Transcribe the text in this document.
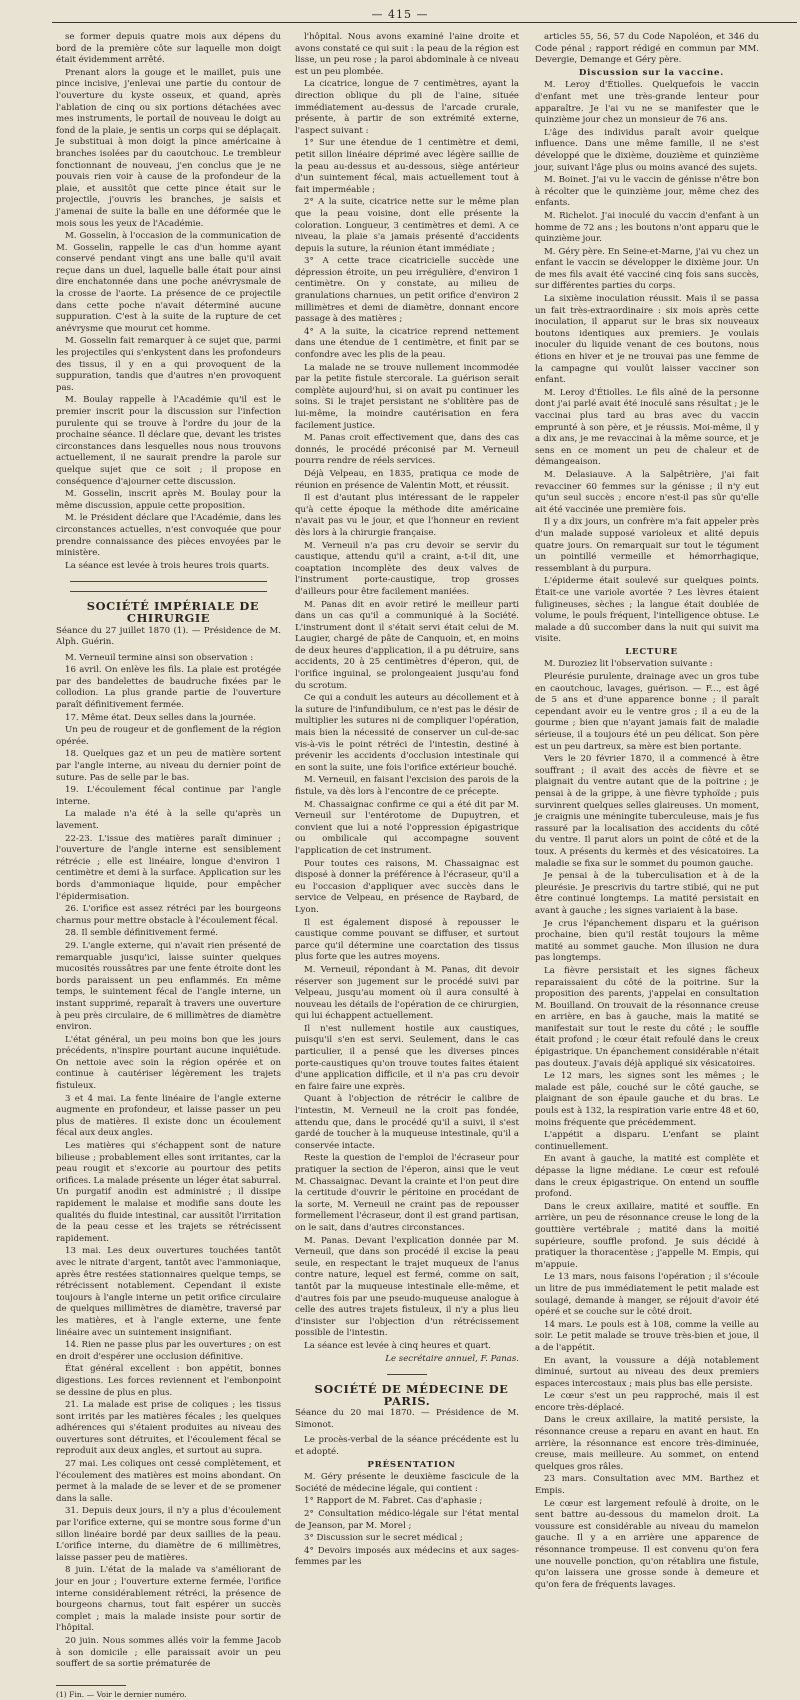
— 415 —

se former depuis quatre mois aux dépens du bord de la première côte sur laquelle mon doigt était évidemment arrêté.

Prenant alors la gouge et le maillet, puis une pince incisive, j'enlevai une partie du contour de l'ouverture du kyste osseux, et quand, après l'ablation de cinq ou six portions détachées avec mes instruments, le portail de nouveau le doigt au fond de la plaie, je sentis un corps qui se déplaçait. Je substituai à mon doigt la pince américaine à branches isolées par du caoutchouc. Le trembleur fonctionnant de nouveau, j'en conclus que je ne pouvais rien voir à cause de la profondeur de la plaie, et aussitôt que cette pince était sur le projectile, j'ouvris les branches, je saisis et j'amenai de suite la balle en une déformée que le mois sous les yeux de l'Académie.

M. Gosselin, à l'occasion de la communication de M. Gosselin, rappelle le cas d'un homme ayant conservé pendant vingt ans une balle qu'il avait reçue dans un duel, laquelle balle était pour ainsi dire enchatonnée dans une poche anévrysmale de la crosse de l'aorte. La présence de ce projectile dans cette poche n'avait déterminé aucune suppuration. C'est à la suite de la rupture de cet anévrysme que mourut cet homme.

M. Gosselin fait remarquer à ce sujet que, parmi les projectiles qui s'enkystent dans les profondeurs des tissus, il y en a qui provoquent de la suppuration, tandis que d'autres n'en provoquent pas.

M. Boulay rappelle à l'Académie qu'il est le premier inscrit pour la discussion sur l'infection purulente qui se trouve à l'ordre du jour de la prochaine séance. Il déclare que, devant les tristes circonstances dans lesquelles nous nous trouvons actuellement, il ne saurait prendre la parole sur quelque sujet que ce soit ; il propose en conséquence d'ajourner cette discussion.

M. Gosselin, inscrit après M. Boulay pour la même discussion, appuie cette proposition.

M. le Président déclare que l'Académie, dans les circonstances actuelles, n'est convoquée que pour prendre connaissance des pièces envoyées par le ministère.

La séance est levée à trois heures trois quarts.

SOCIÉTÉ IMPÉRIALE DE CHIRURGIE

Séance du 27 juillet 1870 (1). — Présidence de M. Alph. Guérin.

M. Verneuil termine ainsi son observation :

16 avril. On enlève les fils. La plaie est protégée par des bandelettes de baudruche fixées par le collodion. La plus grande partie de l'ouverture paraît définitivement fermée.

17. Même état. Deux selles dans la journée.

Un peu de rougeur et de gonflement de la région opérée.

18. Quelques gaz et un peu de matière sortent par l'angle interne, au niveau du dernier point de suture. Pas de selle par le bas.

19. L'écoulement fécal continue par l'angle interne.

La malade n'a été à la selle qu'après un lavement.

22-23. L'issue des matières paraît diminuer ; l'ouverture de l'angle interne est sensiblement rétrécie ; elle est linéaire, longue d'environ 1 centimètre et demi à la surface. Application sur les bords d'ammoniaque liquide, pour empêcher l'épidermisation.

26. L'orifice est assez rétréci par les bourgeons charnus pour mettre obstacle à l'écoulement fécal.

28. Il semble définitivement fermé.

29. L'angle externe, qui n'avait rien présenté de remarquable jusqu'ici, laisse suinter quelques mucosités roussâtres par une fente étroite dont les bords paraissent un peu enflammés. En même temps, le suintement fécal de l'angle interne, un instant supprimé, reparaît à travers une ouverture à peu près circulaire, de 6 millimètres de diamètre environ.

L'état général, un peu moins bon que les jours précédents, n'inspire pourtant aucune inquiétude. On nettoie avec soin la région opérée et on continue à cautériser légèrement les trajets fistuleux.

3 et 4 mai. La fente linéaire de l'angle externe augmente en profondeur, et laisse passer un peu plus de matières. Il existe donc un écoulement fécal aux deux angles.

Les matières qui s'échappent sont de nature bilieuse ; probablement elles sont irritantes, car la peau rougit et s'excorie au pourtour des petits orifices. La malade présente un léger état saburral. Un purgatif anodin est administré ; il dissipe rapidement le malaise et modifie sans doute les qualités du fluide intestinal, car aussitôt l'irritation de la peau cesse et les trajets se rétrécissent rapidement.

13 mai. Les deux ouvertures touchées tantôt avec le nitrate d'argent, tantôt avec l'ammoniaque, après être restées stationnaires quelque temps, se rétrécissent notablement. Cependant il existe toujours à l'angle interne un petit orifice circulaire de quelques millimètres de diamètre, traversé par les matières, et à l'angle externe, une fente linéaire avec un suintement insignifiant.

14. Rien ne passe plus par les ouvertures ; on est en droit d'espérer une occlusion définitive.

État général excellent : bon appétit, bonnes digestions. Les forces reviennent et l'embonpoint se dessine de plus en plus.

21. La malade est prise de coliques ; les tissus sont irrités par les matières fécales ; les quelques adhérences qui s'étaient produites au niveau des ouvertures sont détruites, et l'écoulement fécal se reproduit aux deux angles, et surtout au supra.

27 mai. Les coliques ont cessé complètement, et l'écoulement des matières est moins abondant. On permet à la malade de se lever et de se promener dans la salle.

31. Depuis deux jours, il n'y a plus d'écoulement par l'orifice externe, qui se montre sous forme d'un sillon linéaire bordé par deux saillies de la peau. L'orifice interne, du diamètre de 6 millimètres, laisse passer peu de matières.

8 juin. L'état de la malade va s'améliorant de jour en jour ; l'ouverture externe fermée, l'orifice interne considérablement rétréci, la présence de bourgeons charnus, tout fait espérer un succès complet ; mais la malade insiste pour sortir de l'hôpital.

20 juin. Nous sommes allés voir la femme Jacob à son domicile ; elle paraissait avoir un peu souffert de sa sortie prématurée de

(1) Fin. — Voir le dernier numéro.

l'hôpital. Nous avons examiné l'aine droite et avons constaté ce qui suit : la peau de la région est lisse, un peu rose ; la paroi abdominale à ce niveau est un peu plombée.

La cicatrice, longue de 7 centimètres, ayant la direction oblique du pli de l'aine, située immédiatement au-dessus de l'arcade crurale, présente, à partir de son extrémité externe, l'aspect suivant :

1° Sur une étendue de 1 centimètre et demi, petit sillon linéaire déprimé avec légère saillie de la peau au-dessus et au-dessous, siège antérieur d'un suintement fécal, mais actuellement tout à fait imperméable ;

2° A la suite, cicatrice nette sur le même plan que la peau voisine, dont elle présente la coloration. Longueur, 3 centimètres et demi. A ce niveau, la plaie s'a jamais présenté d'accidents depuis la suture, la réunion étant immédiate ;

3° A cette trace cicatricielle succède une dépression étroite, un peu irrégulière, d'environ 1 centimètre. On y constate, au milieu de granulations charnues, un petit orifice d'environ 2 millimètres et demi de diamètre, donnant encore passage à des matières ;

4° A la suite, la cicatrice reprend nettement dans une étendue de 1 centimètre, et finit par se confondre avec les plis de la peau.

La malade ne se trouve nullement incommodée par la petite fistule stercorale. La guérison serait complète aujourd'hui, si on avait pu continuer les soins. Si le trajet persistant ne s'oblitère pas de lui-même, la moindre cautérisation en fera facilement justice.

M. Panas croit effectivement que, dans des cas donnés, le procédé préconisé par M. Verneuil pourra rendre de réels services.

Déjà Velpeau, en 1835, pratiqua ce mode de réunion en présence de Valentin Mott, et réussit.

Il est d'autant plus intéressant de le rappeler qu'à cette époque la méthode dite américaine n'avait pas vu le jour, et que l'honneur en revient dès lors à la chirurgie française.

M. Verneuil n'a pas cru devoir se servir du caustique, attendu qu'il a craint, a-t-il dit, une coaptation incomplète des deux valves de l'instrument porte-caustique, trop grosses d'ailleurs pour être facilement maniées.

M. Panas dit en avoir retiré le meilleur parti dans un cas qu'il a communiqué à la Société. L'instrument dont il s'était servi était celui de M. Laugier, chargé de pâte de Canquoin, et, en moins de deux heures d'application, il a pu détruire, sans accidents, 20 à 25 centimètres d'éperon, qui, de l'orifice inguinal, se prolongeaient jusqu'au fond du scrotum.

Ce qui a conduit les auteurs au décollement et à la suture de l'infundibulum, ce n'est pas le désir de multiplier les sutures ni de compliquer l'opération, mais bien la nécessité de conserver un cul-de-sac vis-à-vis le point rétréci de l'intestin, destiné à prévenir les accidents d'occlusion intestinale qui en sont la suite, une fois l'orifice extérieur bouché.

M. Verneuil, en faisant l'excision des parois de la fistule, va dès lors à l'encontre de ce précepte.

M. Chassaignac confirme ce qui a été dit par M. Verneuil sur l'entérotome de Dupuytren, et convient que lui a noté l'oppression épigastrique ou ombilicale qui accompagne souvent l'application de cet instrument.

Pour toutes ces raisons, M. Chassaignac est disposé à donner la préférence à l'écraseur, qu'il a eu l'occasion d'appliquer avec succès dans le service de Velpeau, en présence de Raybard, de Lyon.

Il est également disposé à repousser le caustique comme pouvant se diffuser, et surtout parce qu'il détermine une coarctation des tissus plus forte que les autres moyens.

M. Verneuil, répondant à M. Panas, dit devoir réserver son jugement sur le procédé suivi par Velpeau, jusqu'au moment où il aura consulté à nouveau les détails de l'opération de ce chirurgien, qui lui échappent actuellement.

Il n'est nullement hostile aux caustiques, puisqu'il s'en est servi. Seulement, dans le cas particulier, il a pensé que les diverses pinces porte-caustiques qu'on trouve toutes faites étaient d'une application difficile, et il n'a pas cru devoir en faire faire une exprès.

Quant à l'objection de rétrécir le calibre de l'intestin, M. Verneuil ne la croit pas fondée, attendu que, dans le procédé qu'il a suivi, il s'est gardé de toucher à la muqueuse intestinale, qu'il a conservée intacte.

Reste la question de l'emploi de l'écraseur pour pratiquer la section de l'éperon, ainsi que le veut M. Chassaignac. Devant la crainte et l'on peut dire la certitude d'ouvrir le péritoine en procédant de la sorte, M. Verneuil ne craint pas de repousser formellement l'écraseur, dont il est grand partisan, on le sait, dans d'autres circonstances.

M. Panas. Devant l'explication donnée par M. Verneuil, que dans son procédé il excise la peau seule, en respectant le trajet muqueux de l'anus contre nature, lequel est fermé, comme on sait, tantôt par la muqueuse intestinale elle-même, et d'autres fois par une pseudo-muqueuse analogue à celle des autres trajets fistuleux, il n'y a plus lieu d'insister sur l'objection d'un rétrécissement possible de l'intestin.

La séance est levée à cinq heures et quart.

Le secrétaire annuel, F. Panas.

SOCIÉTÉ DE MÉDECINE DE PARIS.

Séance du 20 mai 1870. — Présidence de M. Simonot.

Le procès-verbal de la séance précédente est lu et adopté.

PRÉSENTATION

M. Géry présente le deuxième fascicule de la Société de médecine légale, qui contient :

1° Rapport de M. Fabret. Cas d'aphasie ;

2° Consultation médico-légale sur l'état mental de Jeanson, par M. Morel ;

3° Discussion sur le secret médical ;

4° Devoirs imposés aux médecins et aux sages-femmes par les

articles 55, 56, 57 du Code Napoléon, et 346 du Code pénal ; rapport rédigé en commun par MM. Devergie, Demange et Géry père.

Discussion sur la vaccine.

M. Leroy d'Étiolles. Quelquefois le vaccin d'enfant met une très-grande lenteur pour apparaître. Je l'ai vu ne se manifester que le quinzième jour chez un monsieur de 76 ans.

L'âge des individus paraît avoir quelque influence. Dans une même famille, il ne s'est développé que le dixième, douzième et quinzième jour, suivant l'âge plus ou moins avancé des sujets.

M. Boinet. J'ai vu le vaccin de génisse n'être bon à récolter que le quinzième jour, même chez des enfants.

M. Richelot. J'ai inoculé du vaccin d'enfant à un homme de 72 ans ; les boutons n'ont apparu que le quinzième jour.

M. Géry père. En Seine-et-Marne, j'ai vu chez un enfant le vaccin se développer le dixième jour. Un de mes fils avait été vacciné cinq fois sans succès, sur différentes parties du corps.

La sixième inoculation réussit. Mais il se passa un fait très-extraordinaire : six mois après cette inoculation, il apparut sur le bras six nouveaux boutons identiques aux premiers. Je voulais inoculer du liquide venant de ces boutons, nous étions en hiver et je ne trouvai pas une femme de la campagne qui voulût laisser vacciner son enfant.

M. Leroy d'Étiolles. Le fils aîné de la personne dont j'ai parlé avait été inoculé sans résultat ; je le vaccinai plus tard au bras avec du vaccin emprunté à son père, et je réussis. Moi-même, il y a dix ans, je me revaccinai à la même source, et je sens en ce moment un peu de chaleur et de démangeaison.

M. Delasiauve. A la Salpêtrière, j'ai fait revacciner 60 femmes sur la génisse ; il n'y eut qu'un seul succès ; encore n'est-il pas sûr qu'elle ait été vaccinée une première fois.

Il y a dix jours, un confrère m'a fait appeler près d'un malade supposé varioleux et alité depuis quatre jours. On remarquait sur tout le tégument un pointillé vermeille et hémorrhagique, ressemblant à du purpura.

L'épiderme était soulevé sur quelques points. Était-ce une variole avortée ? Les lèvres étaient fuligineuses, sèches ; la langue était doublée de volume, le pouls fréquent, l'intelligence obtuse. Le malade a dû succomber dans la nuit qui suivit ma visite.

LECTURE

M. Duroziez lit l'observation suivante :

Pleurésie purulente, drainage avec un gros tube en caoutchouc, lavages, guérison. — F..., est âgé de 5 ans et d'une apparence bonne ; il paraît cependant avoir eu le ventre gros ; il a eu de la gourme ; bien que n'ayant jamais fait de maladie sérieuse, il a toujours été un peu délicat. Son père est un peu dartreux, sa mère est bien portante.

Vers le 20 février 1870, il a commencé à être souffrant ; il avait des accès de fièvre et se plaignait du ventre autant que de la poitrine ; je pensai à de la grippe, à une fièvre typhoïde ; puis survinrent quelques selles glaireuses. Un moment, je craignis une méningite tuberculeuse, mais je fus rassuré par la localisation des accidents du côté du ventre. Il parut alors un point de côté et de la toux. A présents du kermès et des vésicatoires. La maladie se fixa sur le sommet du poumon gauche.

Je pensai à de la tuberculisation et à de la pleurésie. Je prescrivis du tartre stibié, qui ne put être continué longtemps. La matité persistait en avant à gauche ; les signes variaient à la base.

Je crus l'épanchement disparu et la guérison prochaine, bien qu'il restât toujours la même matité au sommet gauche. Mon illusion ne dura pas longtemps.

La fièvre persistait et les signes fâcheux reparaissaient du côté de la poitrine. Sur la proposition des parents, j'appelai en consultation M. Bouilland. On trouvait de la résonnance creuse en arrière, en bas à gauche, mais la matité se manifestait sur tout le reste du côté ; le souffle était profond ; le cœur était refoulé dans le creux épigastrique. Un épanchement considérable n'était pas douteux. J'avais déjà appliqué six vésicatoires.

Le 12 mars, les signes sont les mêmes ; le malade est pâle, couché sur le côté gauche, se plaignant de son épaule gauche et du bras. Le pouls est à 132, la respiration varie entre 48 et 60, moins fréquente que précédemment.

L'appétit a disparu. L'enfant se plaint continuellement.

En avant à gauche, la matité est complète et dépasse la ligne médiane. Le cœur est refoulé dans le creux épigastrique. On entend un souffle profond.

Dans le creux axillaire, matité et souffle. En arrière, un peu de résonnance creuse le long de la gouttière vertébrale ; matité dans la moitié supérieure, souffle profond. Je suis décidé à pratiquer la thoracentèse ; j'appelle M. Empis, qui m'appuie.

Le 13 mars, nous faisons l'opération ; il s'écoule un litre de pus immédiatement le petit malade est soulagé, demande à manger, se réjouit d'avoir été opéré et se couche sur le côté droit.

14 mars. Le pouls est à 108, comme la veille au soir. Le petit malade se trouve très-bien et joue, il a de l'appétit.

En avant, la voussure a déjà notablement diminué, surtout au niveau des deux premiers espaces intercostaux ; mais plus bas elle persiste.

Le cœur s'est un peu rapproché, mais il est encore très-déplacé.

Dans le creux axillaire, la matité persiste, la résonnance creuse a reparu en avant en haut. En arrière, la résonnance est encore très-diminuée, creuse, mais meilleure. Au sommet, on entend quelques gros râles.

23 mars. Consultation avec MM. Barthez et Empis.

Le cœur est largement refoulé à droite, on le sent battre au-dessous du mamelon droit. La voussure est considérable au niveau du mamelon gauche. Il y a en arrière une apparence de résonnance trompeuse. Il est convenu qu'on fera une nouvelle ponction, qu'on rétablira une fistule, qu'on laissera une grosse sonde à demeure et qu'on fera de fréquents lavages.
